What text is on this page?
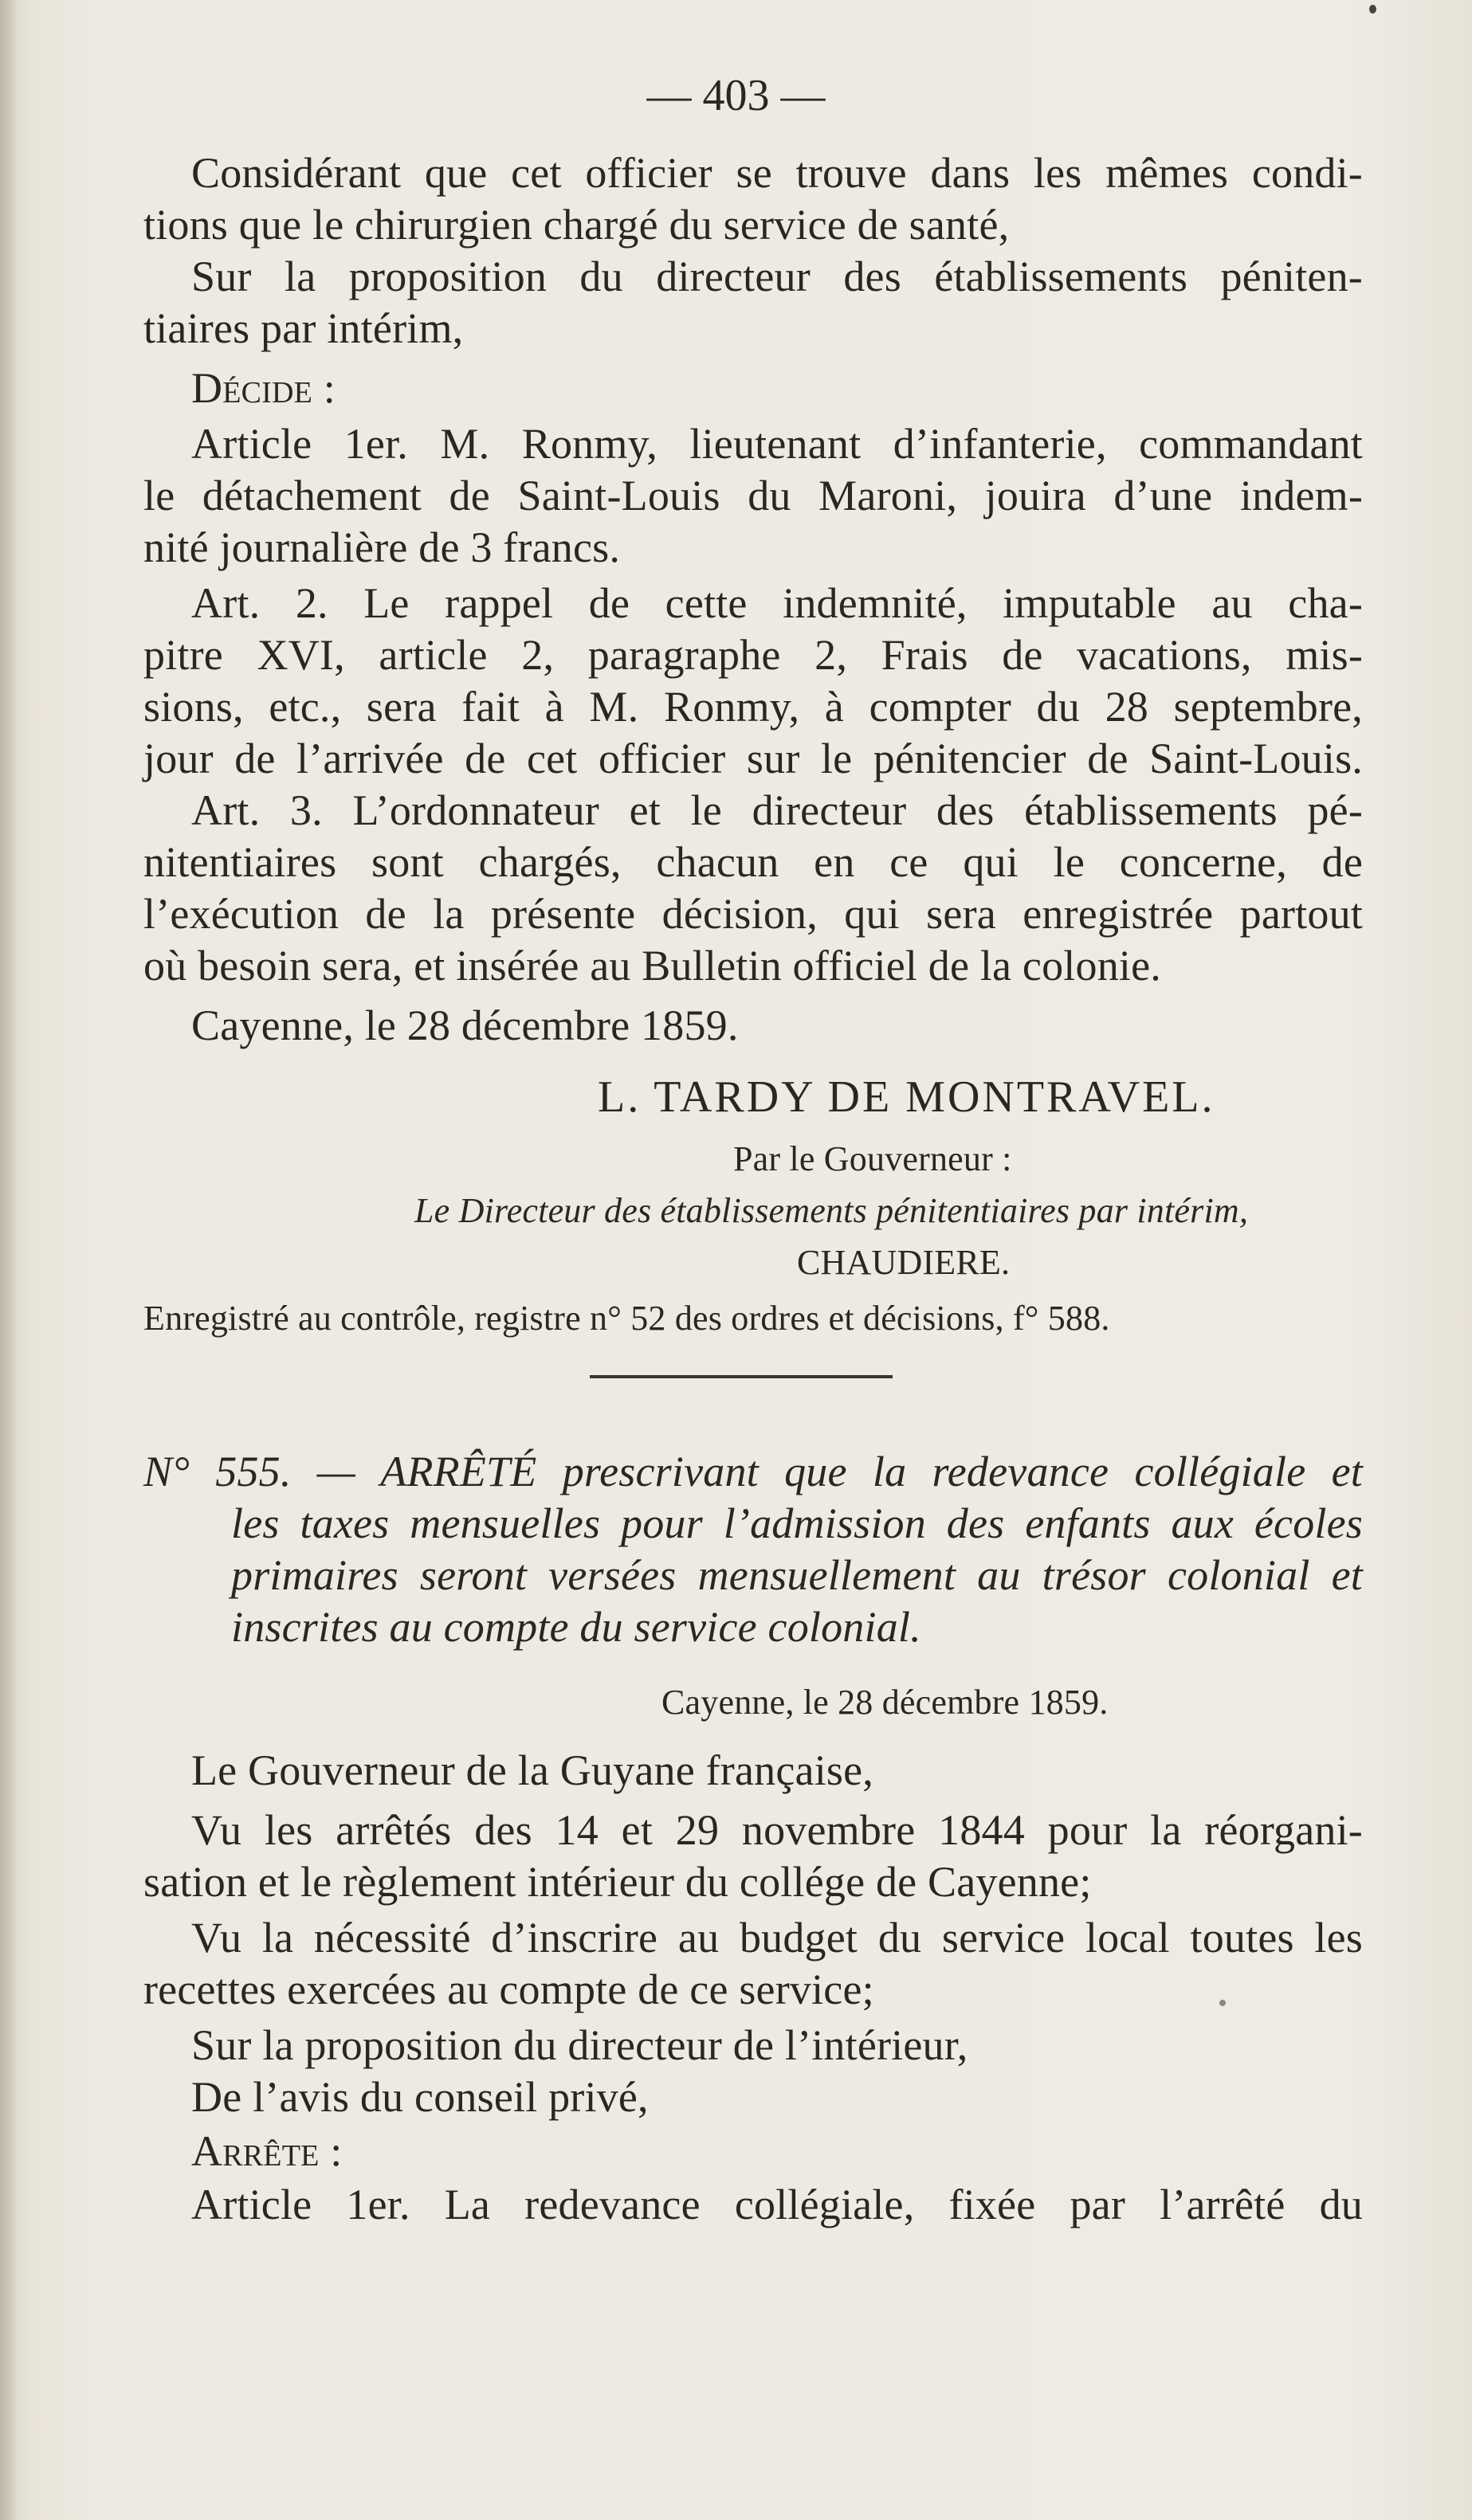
— 403 —
Considérant que cet officier se trouve dans les mêmes condi-
tions que le chirurgien chargé du service de santé,
Sur la proposition du directeur des établissements péniten-
tiaires par intérim,
Décide :
Article 1er. M. Ronmy, lieutenant d’infanterie, commandant
le détachement de Saint-Louis du Maroni, jouira d’une indem-
nité journalière de 3 francs.
Art. 2. Le rappel de cette indemnité, imputable au cha-
pitre XVI, article 2, paragraphe 2, Frais de vacations, mis-
sions, etc., sera fait à M. Ronmy, à compter du 28 septembre,
jour de l’arrivée de cet officier sur le pénitencier de Saint-Louis.
Art. 3. L’ordonnateur et le directeur des établissements pé-
nitentiaires sont chargés, chacun en ce qui le concerne, de
l’exécution de la présente décision, qui sera enregistrée partout
où besoin sera, et insérée au Bulletin officiel de la colonie.
Cayenne, le 28 décembre 1859.
L. TARDY DE MONTRAVEL.
Par le Gouverneur :
Le Directeur des établissements pénitentiaires par intérim,
CHAUDIERE.
Enregistré au contrôle, registre n° 52 des ordres et décisions, f° 588.
N° 555. — ARRÊTÉ prescrivant que la redevance collégiale et
les taxes mensuelles pour l’admission des enfants aux écoles
primaires seront versées mensuellement au trésor colonial et
inscrites au compte du service colonial.
Cayenne, le 28 décembre 1859.
Le Gouverneur de la Guyane française,
Vu les arrêtés des 14 et 29 novembre 1844 pour la réorgani-
sation et le règlement intérieur du collége de Cayenne;
Vu la nécessité d’inscrire au budget du service local toutes les
recettes exercées au compte de ce service;
Sur la proposition du directeur de l’intérieur,
De l’avis du conseil privé,
Arrête :
Article 1er. La redevance collégiale, fixée par l’arrêté du
